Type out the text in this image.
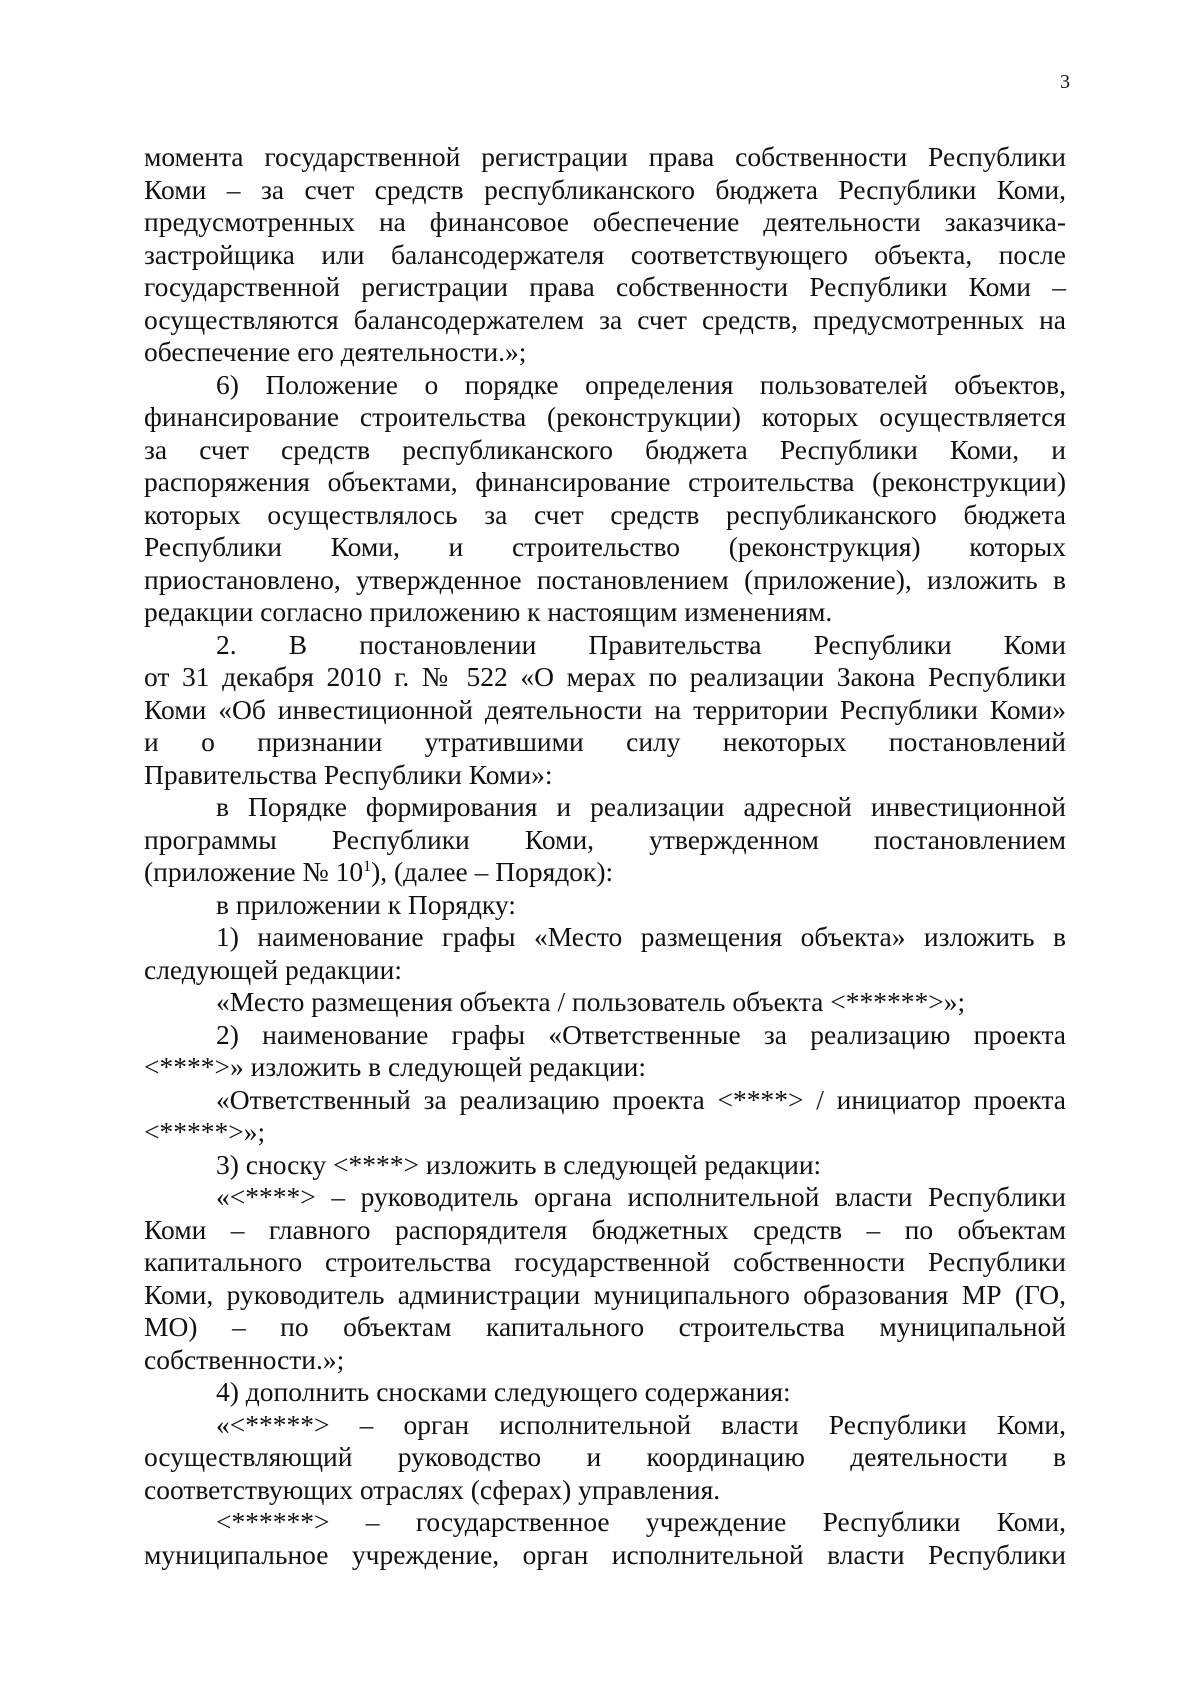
3

момента государственной регистрации права собственности Республики

Коми – за счет средств республиканского бюджета Республики Коми,

предусмотренных на финансовое обеспечение деятельности заказчика-

застройщика или балансодержателя соответствующего объекта, после

государственной регистрации права собственности Республики Коми –

осуществляются балансодержателем за счет средств, предусмотренных на

обеспечение его деятельности.»;

6) Положение о порядке определения пользователей объектов,

финансирование строительства (реконструкции) которых осуществляется

за счет средств республиканского бюджета Республики Коми, и

распоряжения объектами, финансирование строительства (реконструкции)

которых осуществлялось за счет средств республиканского бюджета

Республики Коми, и строительство (реконструкция) которых

приостановлено, утвержденное постановлением (приложение), изложить в

редакции согласно приложению к настоящим изменениям.

2. В постановлении Правительства Республики Коми

от 31 декабря 2010 г. № 522 «О мерах по реализации Закона Республики

Коми «Об инвестиционной деятельности на территории Республики Коми»

и о признании утратившими силу некоторых постановлений

Правительства Республики Коми»:

в Порядке формирования и реализации адресной инвестиционной

программы Республики Коми, утвержденном постановлением

(приложение № $10^1$), (далее – Порядок):

в приложении к Порядку:

1) наименование графы «Место размещения объекта» изложить в

следующей редакции:

«Место размещения объекта / пользователь объекта <******>»;

2) наименование графы «Ответственные за реализацию проекта

<****>» изложить в следующей редакции:

«Ответственный за реализацию проекта <****> / инициатор проекта

<*****>»;

3) сноску <****> изложить в следующей редакции:

«<****> – руководитель органа исполнительной власти Республики

Коми – главного распорядителя бюджетных средств – по объектам

капитального строительства государственной собственности Республики

Коми, руководитель администрации муниципального образования МР (ГО,

МО) – по объектам капитального строительства муниципальной

собственности.»;

4) дополнить сносками следующего содержания:

«<*****> – орган исполнительной власти Республики Коми,

осуществляющий руководство и координацию деятельности в

соответствующих отраслях (сферах) управления.

<******> – государственное учреждение Республики Коми,

муниципальное учреждение, орган исполнительной власти Республики
